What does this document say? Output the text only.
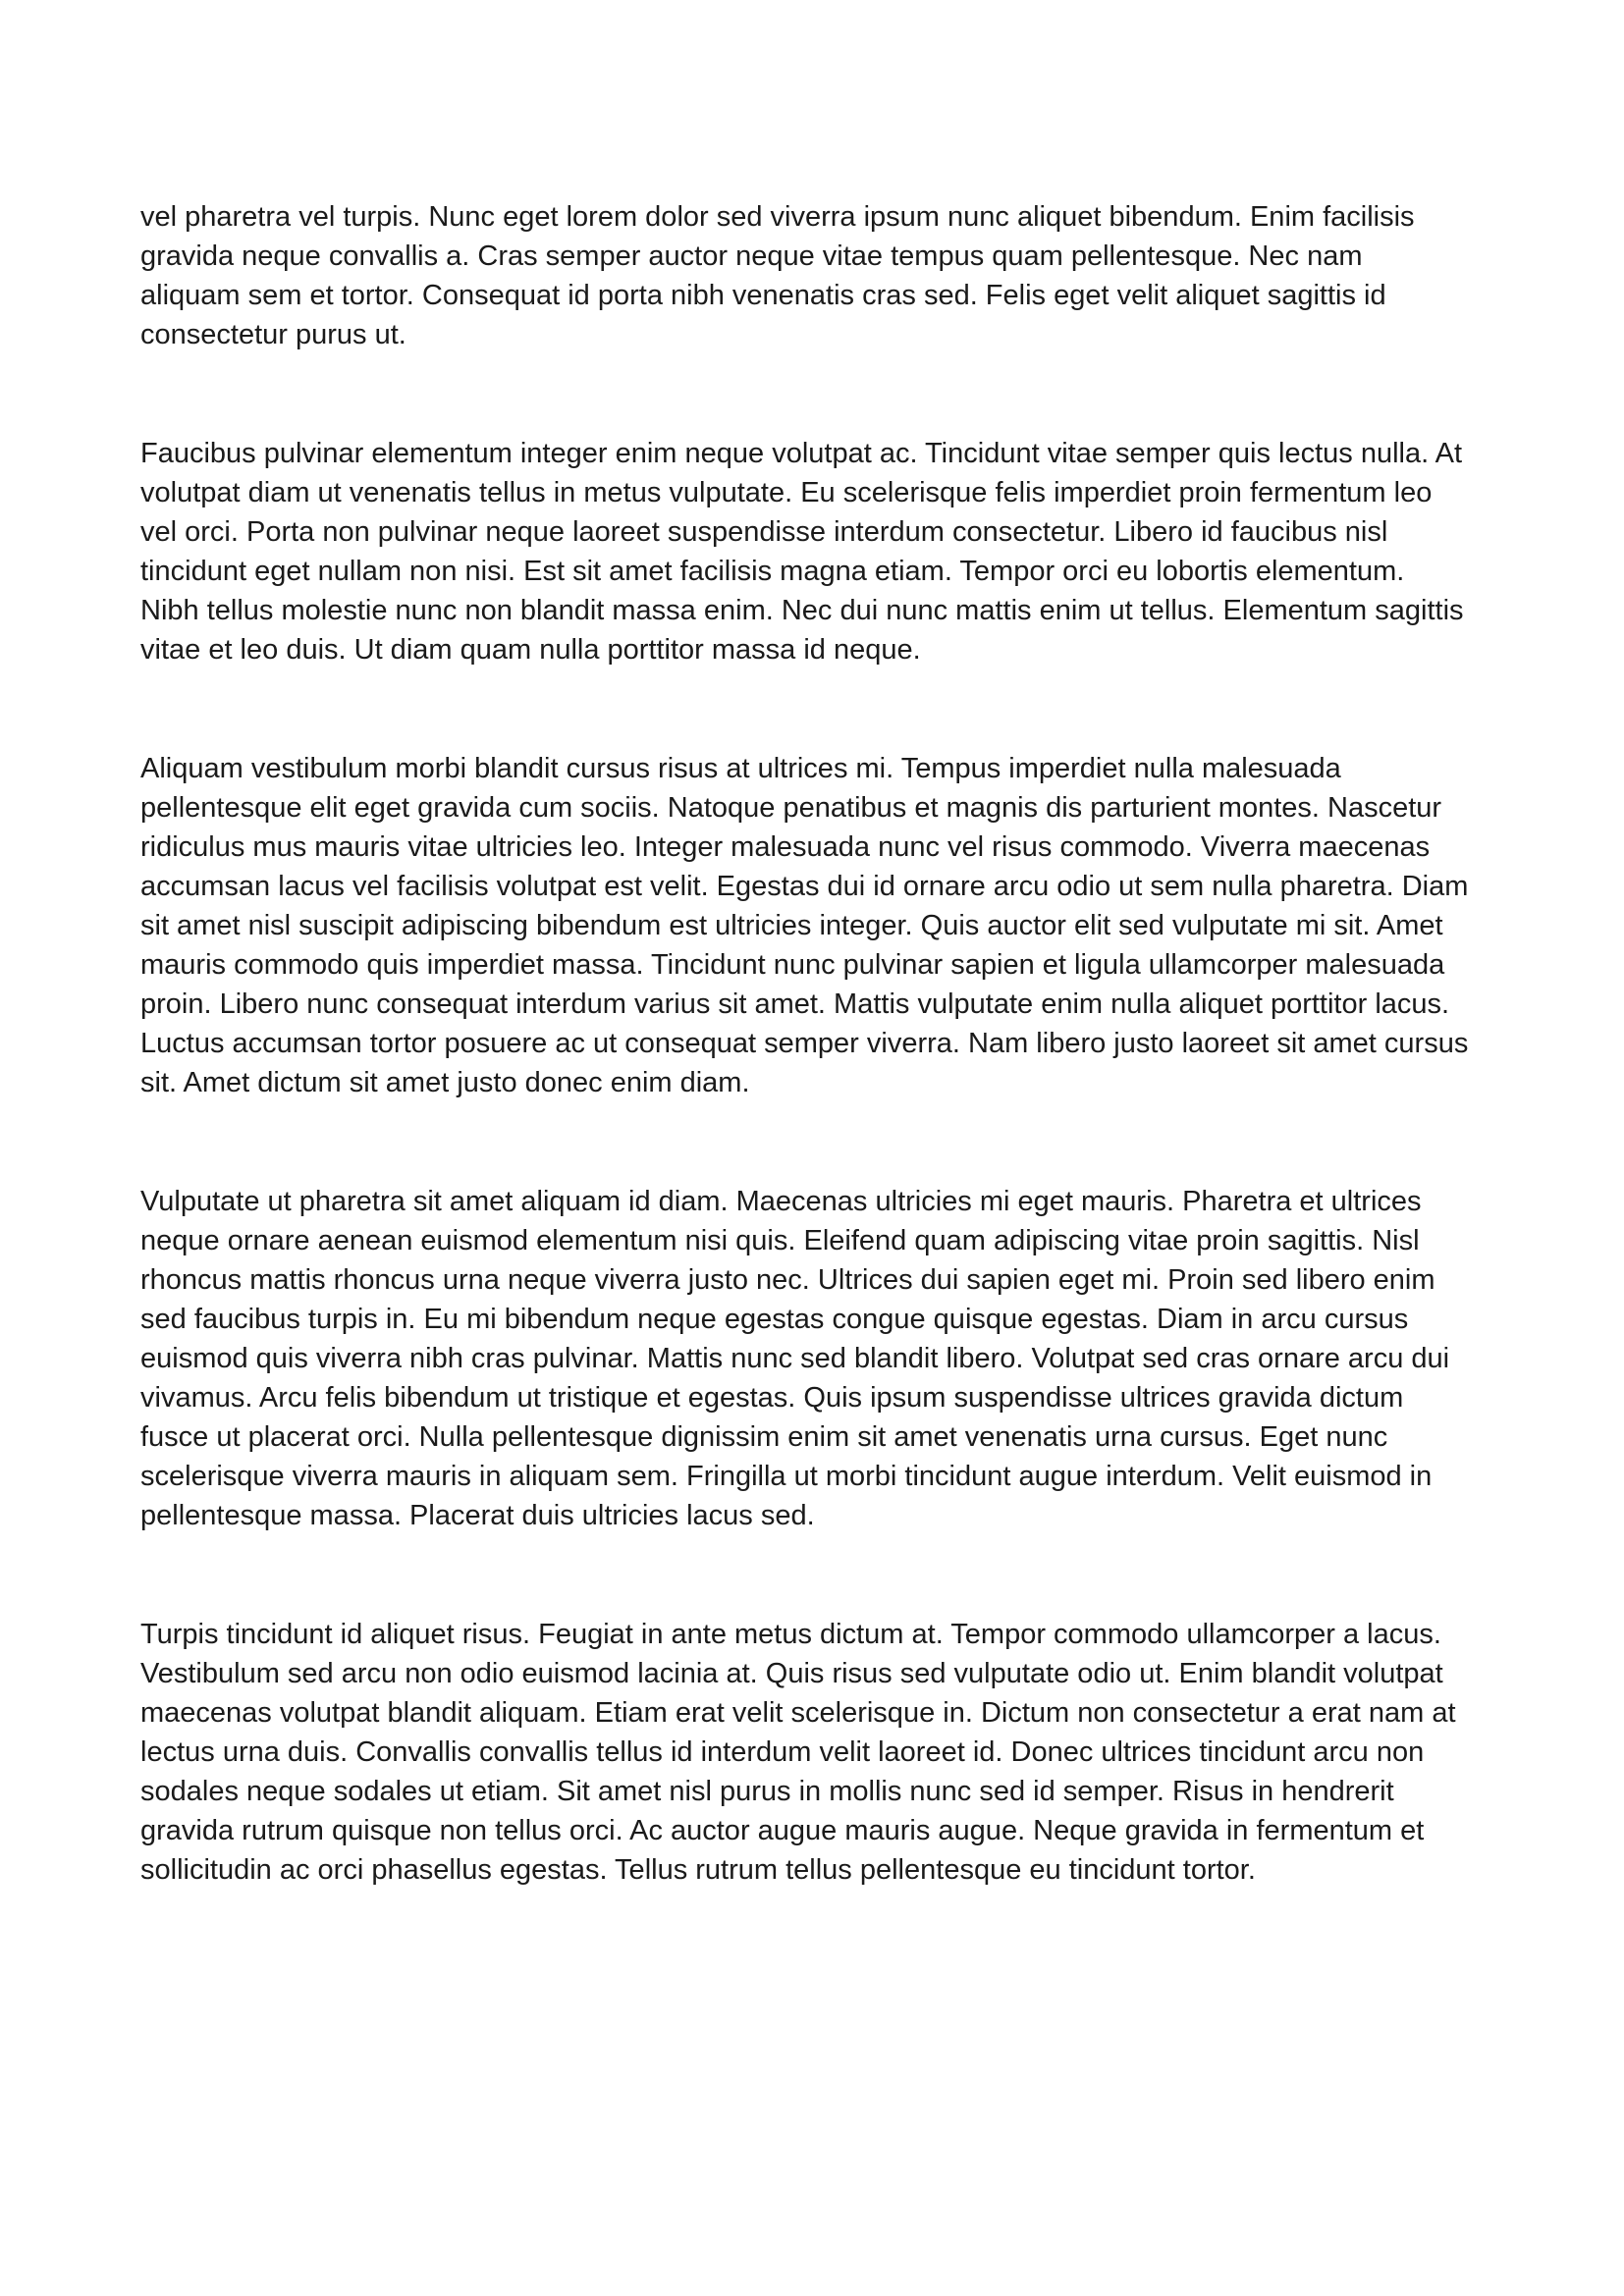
vel pharetra vel turpis. Nunc eget lorem dolor sed viverra ipsum nunc aliquet bibendum. Enim facilisis gravida neque convallis a. Cras semper auctor neque vitae tempus quam pellentesque. Nec nam aliquam sem et tortor. Consequat id porta nibh venenatis cras sed. Felis eget velit aliquet sagittis id consectetur purus ut.

Faucibus pulvinar elementum integer enim neque volutpat ac. Tincidunt vitae semper quis lectus nulla. At volutpat diam ut venenatis tellus in metus vulputate. Eu scelerisque felis imperdiet proin fermentum leo vel orci. Porta non pulvinar neque laoreet suspendisse interdum consectetur. Libero id faucibus nisl tincidunt eget nullam non nisi. Est sit amet facilisis magna etiam. Tempor orci eu lobortis elementum. Nibh tellus molestie nunc non blandit massa enim. Nec dui nunc mattis enim ut tellus. Elementum sagittis vitae et leo duis. Ut diam quam nulla porttitor massa id neque.

Aliquam vestibulum morbi blandit cursus risus at ultrices mi. Tempus imperdiet nulla malesuada pellentesque elit eget gravida cum sociis. Natoque penatibus et magnis dis parturient montes. Nascetur ridiculus mus mauris vitae ultricies leo. Integer malesuada nunc vel risus commodo. Viverra maecenas accumsan lacus vel facilisis volutpat est velit. Egestas dui id ornare arcu odio ut sem nulla pharetra. Diam sit amet nisl suscipit adipiscing bibendum est ultricies integer. Quis auctor elit sed vulputate mi sit. Amet mauris commodo quis imperdiet massa. Tincidunt nunc pulvinar sapien et ligula ullamcorper malesuada proin. Libero nunc consequat interdum varius sit amet. Mattis vulputate enim nulla aliquet porttitor lacus. Luctus accumsan tortor posuere ac ut consequat semper viverra. Nam libero justo laoreet sit amet cursus sit. Amet dictum sit amet justo donec enim diam.

Vulputate ut pharetra sit amet aliquam id diam. Maecenas ultricies mi eget mauris. Pharetra et ultrices neque ornare aenean euismod elementum nisi quis. Eleifend quam adipiscing vitae proin sagittis. Nisl rhoncus mattis rhoncus urna neque viverra justo nec. Ultrices dui sapien eget mi. Proin sed libero enim sed faucibus turpis in. Eu mi bibendum neque egestas congue quisque egestas. Diam in arcu cursus euismod quis viverra nibh cras pulvinar. Mattis nunc sed blandit libero. Volutpat sed cras ornare arcu dui vivamus. Arcu felis bibendum ut tristique et egestas. Quis ipsum suspendisse ultrices gravida dictum fusce ut placerat orci. Nulla pellentesque dignissim enim sit amet venenatis urna cursus. Eget nunc scelerisque viverra mauris in aliquam sem. Fringilla ut morbi tincidunt augue interdum. Velit euismod in pellentesque massa. Placerat duis ultricies lacus sed.

Turpis tincidunt id aliquet risus. Feugiat in ante metus dictum at. Tempor commodo ullamcorper a lacus. Vestibulum sed arcu non odio euismod lacinia at. Quis risus sed vulputate odio ut. Enim blandit volutpat maecenas volutpat blandit aliquam. Etiam erat velit scelerisque in. Dictum non consectetur a erat nam at lectus urna duis. Convallis convallis tellus id interdum velit laoreet id. Donec ultrices tincidunt arcu non sodales neque sodales ut etiam. Sit amet nisl purus in mollis nunc sed id semper. Risus in hendrerit gravida rutrum quisque non tellus orci. Ac auctor augue mauris augue. Neque gravida in fermentum et sollicitudin ac orci phasellus egestas. Tellus rutrum tellus pellentesque eu tincidunt tortor.
